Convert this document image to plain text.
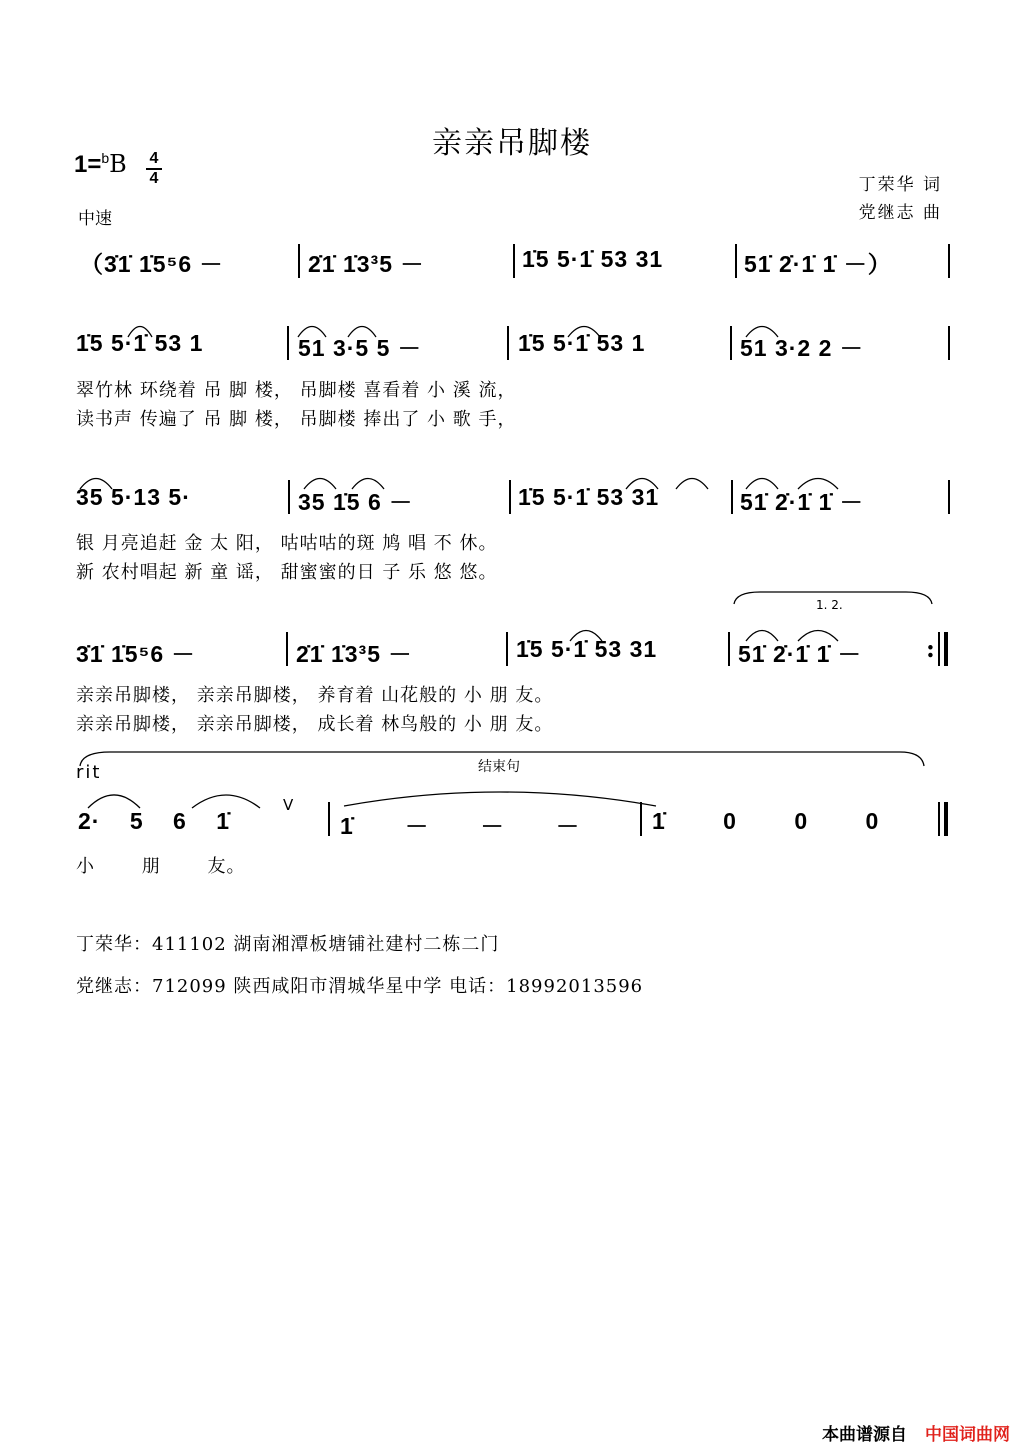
亲亲吊脚楼
1=$^b$B 4
4
中速
丁荣华 词
党继志 曲
（3̇1̇ 1̇5⁵6 －	2̇1̇ 1̇3³5 －	1̇5 5·1̇ 53 31	51̇ 2̇·1̇ 1̇ －）
1̇5 5·1̇ 53 1	51 3·5 5 －	1̇5 5·1̇ 53 1	51 3·2 2 －
翠竹林 环绕着 吊 脚 楼， 吊脚楼 喜看着 小 溪 流，
读书声 传遍了 吊 脚 楼， 吊脚楼 捧出了 小 歌 手，
35 5·13 5·	35 1̇5 6 －	1̇5 5·1̇ 53 31	51̇ 2̇·1̇ 1̇ －
银 月亮追赶 金 太 阳， 咕咕咕的斑 鸠 唱 不 休。
新 农村唱起 新 童 谣， 甜蜜蜜的日 子 乐 悠 悠。
1. 2.
3̇1̇ 1̇5⁵6 －	2̇1̇ 1̇3³5 －	1̇5 5·1̇ 53 31	51̇ 2̇·1̇ 1̇ －	:
亲亲吊脚楼， 亲亲吊脚楼， 养育着 山花般的 小 朋 友。
亲亲吊脚楼， 亲亲吊脚楼， 成长着 林鸟般的 小 朋 友。
rit	结束句
2· 5 6 1̇
V
1̇ － － －	1̇ 0 0 0
小 朋 友。
丁荣华：411102 湖南湘潭板塘铺社建村二栋二门
党继志：712099 陕西咸阳市渭城华星中学 电话：18992013596
本曲谱源自 中国词曲网
